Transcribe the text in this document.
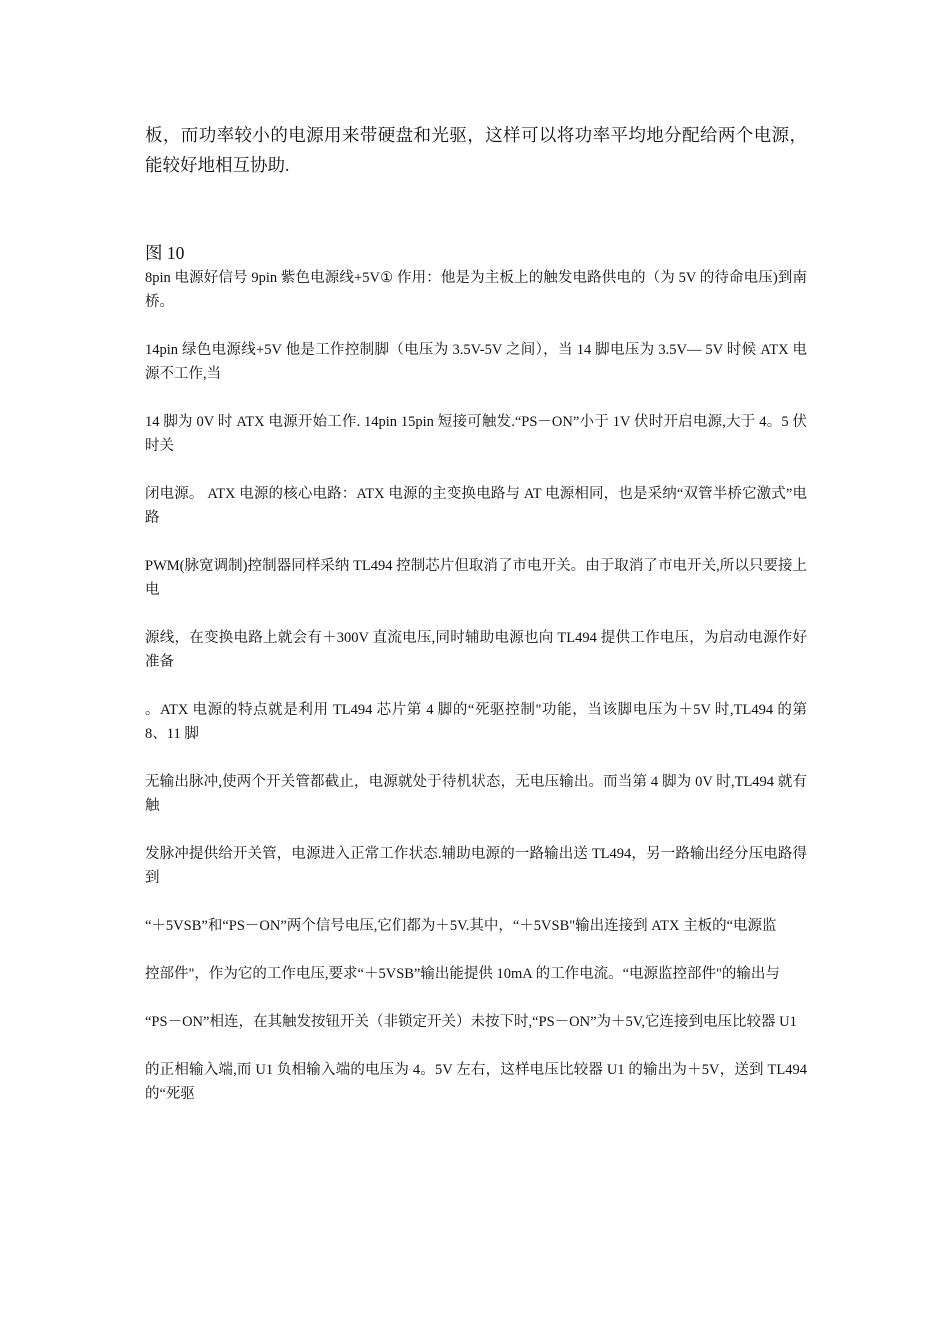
板，而功率较小的电源用来带硬盘和光驱，这样可以将功率平均地分配给两个电源，能较好地相互协助.

图 10

8pin 电源好信号 9pin 紫色电源线+5V① 作用：他是为主板上的触发电路供电的（为 5V 的待命电压)到南桥。

14pin 绿色电源线+5V 他是工作控制脚（电压为 3.5V-5V 之间），当 14 脚电压为 3.5V— 5V 时候 ATX 电源不工作,当

14 脚为 0V 时 ATX 电源开始工作. 14pin 15pin 短接可触发.“PS－ON”小于 1V 伏时开启电源,大于 4。5 伏时关

闭电源。 ATX 电源的核心电路：ATX 电源的主变换电路与 AT 电源相同，也是采纳“双管半桥它激式”电路

PWM(脉宽调制)控制器同样采纳 TL494 控制芯片但取消了市电开关。由于取消了市电开关,所以只要接上电

源线，在变换电路上就会有＋300V 直流电压,同时辅助电源也向 TL494 提供工作电压，为启动电源作好准备

。ATX 电源的特点就是利用 TL494 芯片第 4 脚的“死驱控制"功能，当该脚电压为＋5V 时,TL494 的第 8、11 脚

无输出脉冲,使两个开关管都截止，电源就处于待机状态，无电压输出。而当第 4 脚为 0V 时,TL494 就有触

发脉冲提供给开关管，电源进入正常工作状态.辅助电源的一路输出送 TL494，另一路输出经分压电路得到

“＋5VSB”和“PS－ON”两个信号电压,它们都为＋5V.其中，“＋5VSB"输出连接到 ATX 主板的“电源监

控部件"，作为它的工作电压,要求“＋5VSB”输出能提供 10mA 的工作电流。“电源监控部件"的输出与

“PS－ON”相连，在其触发按钮开关（非锁定开关）未按下时,“PS－ON”为＋5V,它连接到电压比较器 U1

的正相输入端,而 U1 负相输入端的电压为 4。5V 左右，这样电压比较器 U1 的输出为＋5V，送到 TL494 的“死驱
